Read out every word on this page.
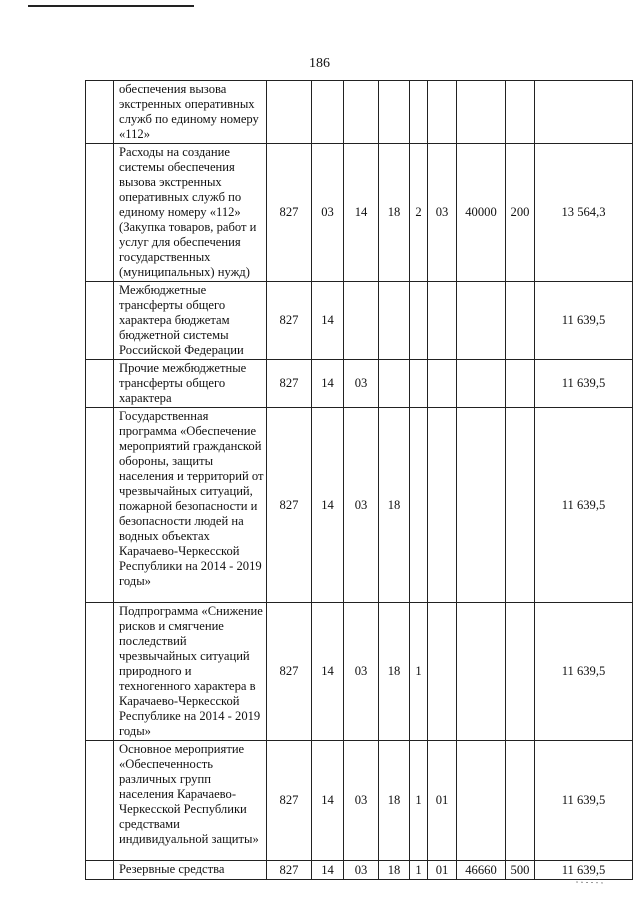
186
	обеспечения вызова экстренных оперативных служб по единому номеру «112»									
	Расходы на создание системы обеспечения вызова экстренных оперативных служб по единому номеру «112» (Закупка товаров, работ и услуг для обеспечения государственных (муниципальных) нужд)	827	03	14	18	2	03	40000	200	13 564,3
	Межбюджетные трансферты общего характера бюджетам бюджетной системы Российской Федерации	827	14							11 639,5
	Прочие межбюджетные трансферты общего характера	827	14	03						11 639,5
	Государственная программа «Обеспечение мероприятий гражданской обороны, защиты населения и территорий от чрезвычайных ситуаций, пожарной безопасности и безопасности людей на водных объектах Карачаево-Черкесской Республики на 2014 - 2019 годы»	827	14	03	18					11 639,5
	Подпрограмма «Снижение рисков и смягчение последствий чрезвычайных ситуаций природного и техногенного характера в Карачаево-Черкесской Республике на 2014 - 2019 годы»	827	14	03	18	1				11 639,5
	Основное мероприятие «Обеспеченность различных групп населения Карачаево-Черкесской Республики средствами индивидуальной защиты»	827	14	03	18	1	01			11 639,5
	Резервные средства	827	14	03	18	1	01	46660	500	11 639,5
